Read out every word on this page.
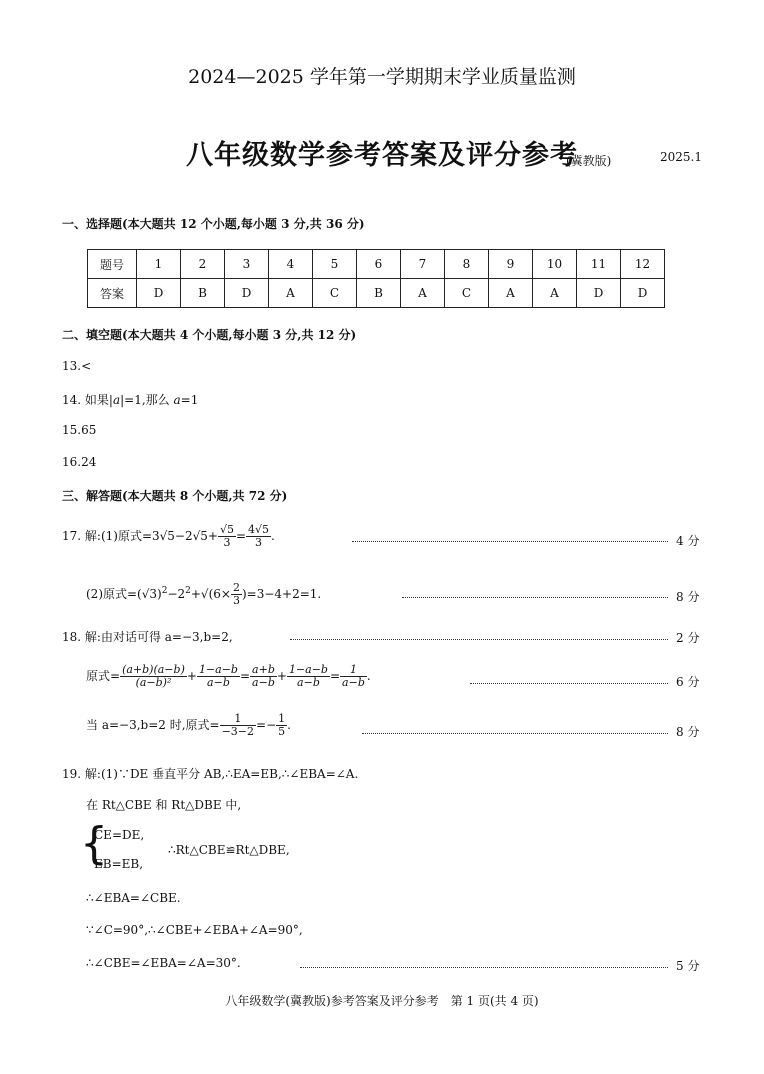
2024—2025 学年第一学期期末学业质量监测
八年级数学参考答案及评分参考
(冀教版)	2025.1
一、选择题(本大题共 12 个小题,每小题 3 分,共 36 分)
题号	1	2	3	4	5	6	7	8	9	10	11	12
答案	D	B	D	A	C	B	A	C	A	A	D	D
二、填空题(本大题共 4 个小题,每小题 3 分,共 12 分)
13.<
14. 如果|a|=1,那么 a=1
15.65
16.24
三、解答题(本大题共 8 个小题,共 72 分)
17. 解:(1)原式$=3√5-2√5+ \frac{√5}{3} = \frac{4√5}{3}$ .	4 分
(2)原式$=(√3)^2-2^2+√(6\times \frac{2}{3} )=3-4+2=1$.	8 分
18. 解:由对话可得 a=−3,b=2,	2 分
原式= $\frac{(a+b)(a-b)}{\text{(a−b)²}} + \frac{1-a-b}{a-b} = \frac{a+b}{a-b} + \frac{1-a-b}{a-b} = \frac{1}{a-b}$ .	6 分
当 a=−3,b=2 时,原式= $\frac{1}{-3-2} =- \frac{1}{5}$ .	8 分
19. 解:(1)∵DE 垂直平分 AB,∴EA=EB,∴∠EBA=∠A.
在 Rt△CBE 和 Rt△DBE 中,
{
CE=DE,
EB=EB,
∴Rt△CBE≌Rt△DBE,
∴∠EBA=∠CBE.
∵∠C=90°,∴∠CBE+∠EBA+∠A=90°,
∴∠CBE=∠EBA=∠A=30°.	5 分
八年级数学(冀教版)参考答案及评分参考　第 1 页(共 4 页)
